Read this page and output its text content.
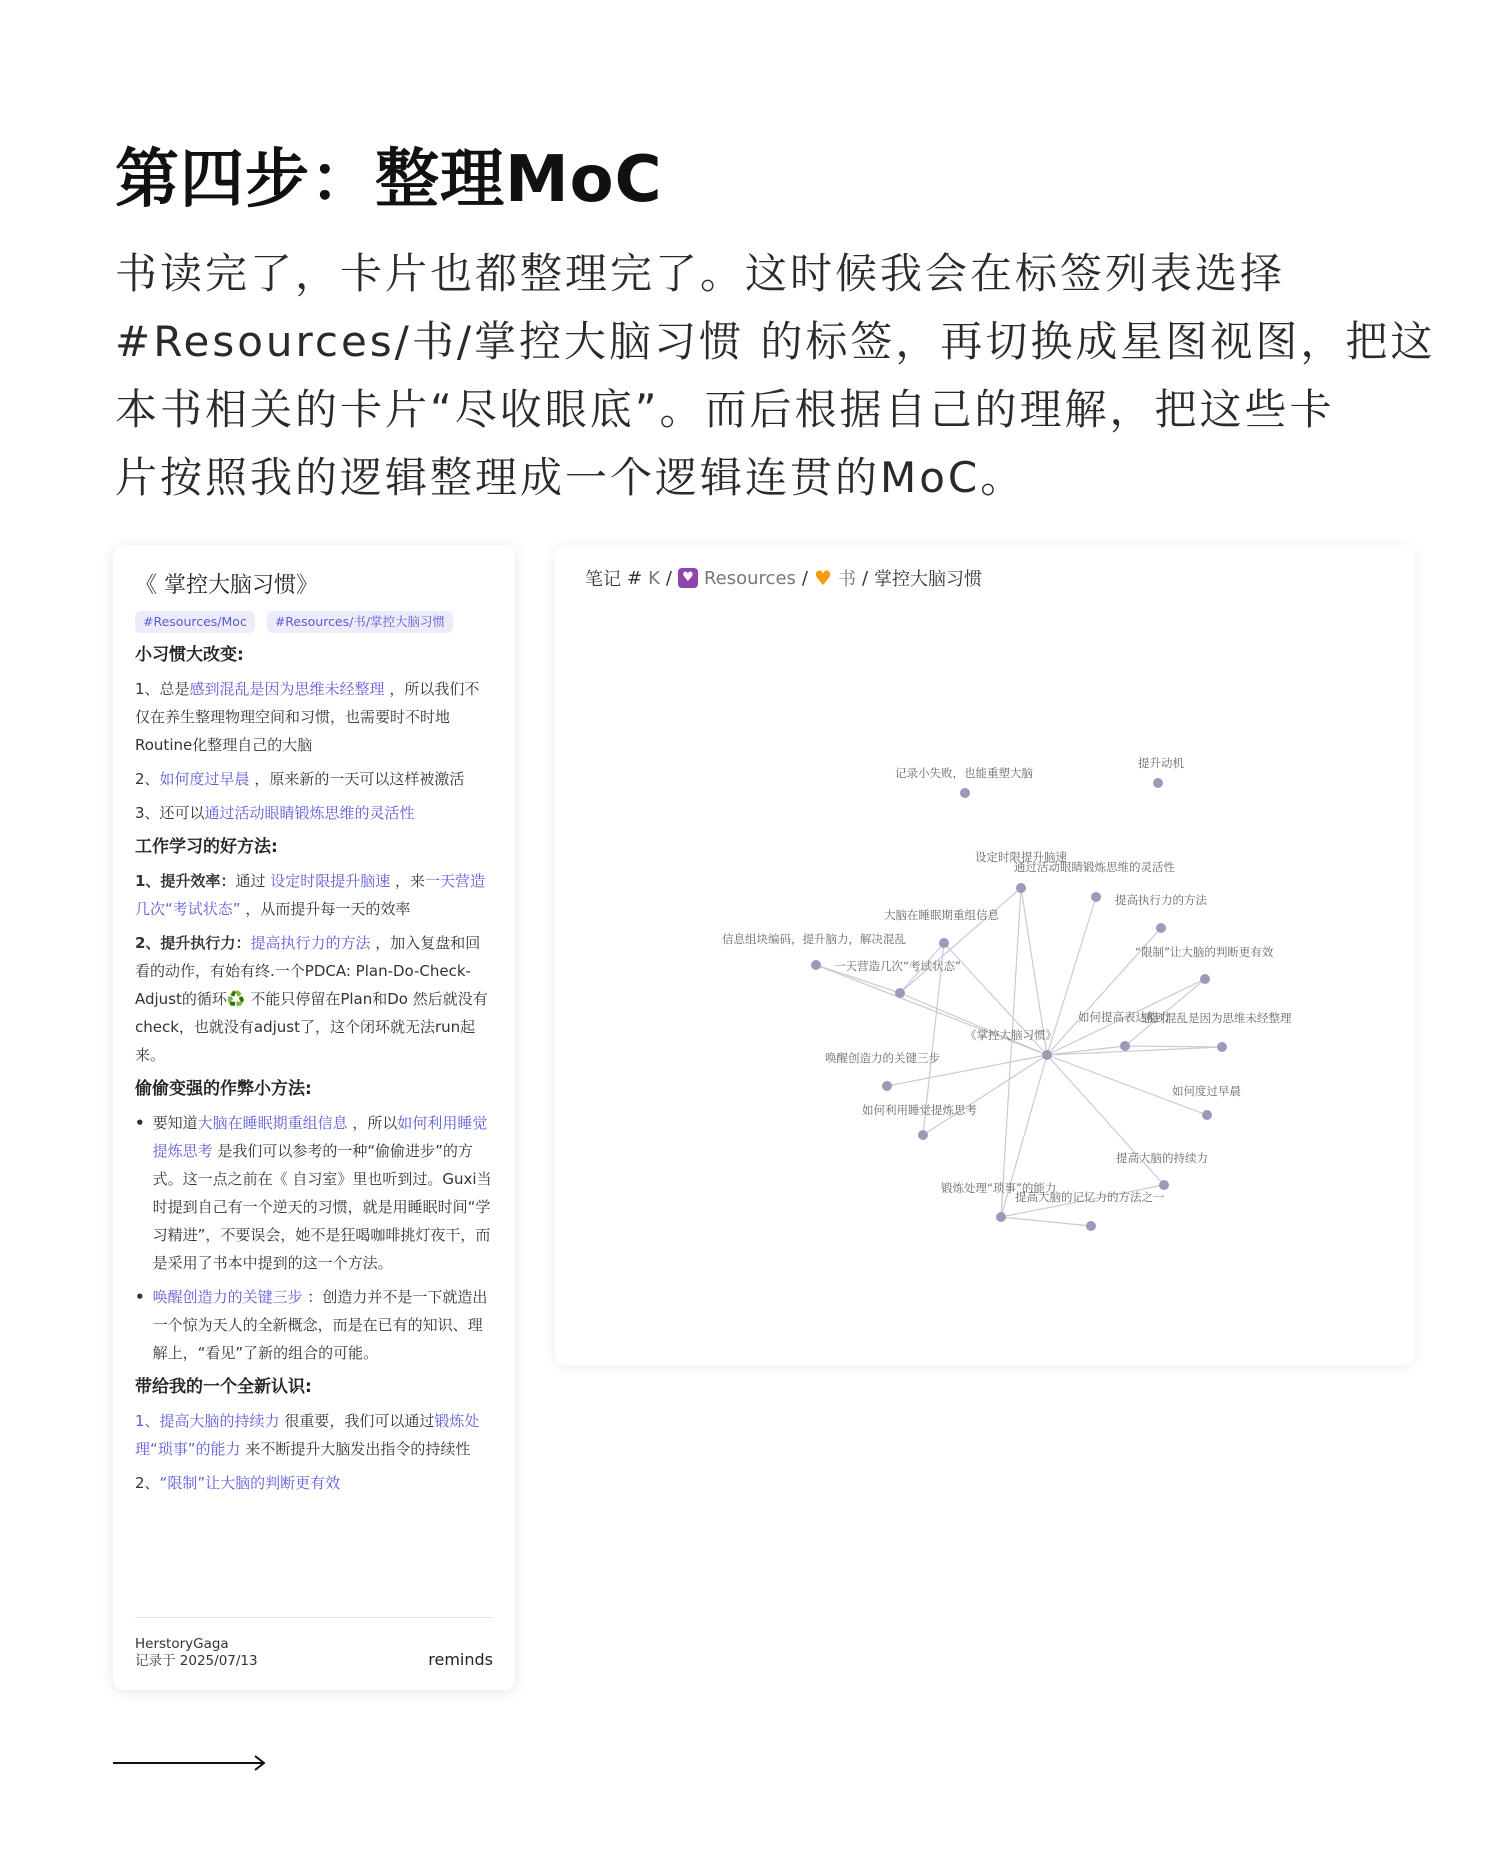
第四步：整理MoC

书读完了，卡片也都整理完了。这时候我会在标签列表选择

#Resources/书/掌控大脑习惯 的标签，再切换成星图视图，把这

本书相关的卡片“尽收眼底”。而后根据自己的理解，把这些卡

片按照我的逻辑整理成一个逻辑连贯的MoC。

《 掌控大脑习惯》
#Resources/Moc	#Resources/书/掌控大脑习惯
小习惯大改变:
1、总是感到混乱是因为思维未经整理 ，所以我们不仅在养生整理物理空间和习惯，也需要时不时地Routine化整理自己的大脑
2、如何度过早晨 ，原来新的一天可以这样被激活
3、还可以通过活动眼睛锻炼思维的灵活性
工作学习的好方法:
1、提升效率：通过 设定时限提升脑速 ，来一天营造几次“考试状态” ，从而提升每一天的效率
2、提升执行力：提高执行力的方法 ，加入复盘和回看的动作，有始有终.一个PDCA: Plan-Do-Check-Adjust的循环♻️ 不能只停留在Plan和Do 然后就没有check，也就没有adjust了，这个闭环就无法run起来。
偷偷变强的作弊小方法:
• 要知道大脑在睡眠期重组信息 ，所以如何利用睡觉提炼思考 是我们可以参考的一种“偷偷进步”的方式。这一点之前在《 自习室》里也听到过。Guxi当时提到自己有一个逆天的习惯，就是用睡眠时间“学习精进”，不要误会，她不是狂喝咖啡挑灯夜干，而是采用了书本中提到的这一个方法。
• 唤醒创造力的关键三步 ：创造力并不是一下就造出一个惊为天人的全新概念，而是在已有的知识、理解上，“看见”了新的组合的可能。
带给我的一个全新认识:
1、提高大脑的持续力 很重要，我们可以通过锻炼处理“琐事”的能力 来不断提升大脑发出指令的持续性
2、“限制”让大脑的判断更有效
HerstoryGaga
记录于 2025/07/13	reminds
笔记 # K / ♥ Resources / ♥ 书 / 掌控大脑习惯
《掌控大脑习惯》
记录小失败，也能重塑大脑
提升动机
设定时限提升脑速
通过活动眼睛锻炼思维的灵活性
提高执行力的方法
大脑在睡眠期重组信息
信息组块编码，提升脑力，解决混乱
一天营造几次“考试状态”
“限制”让大脑的判断更有效
如何提高表达能力
感到混乱是因为思维未经整理
唤醒创造力的关键三步
如何度过早晨
如何利用睡觉提炼思考
提高大脑的持续力
锻炼处理“琐事”的能力
提高大脑的记忆力的方法之一
